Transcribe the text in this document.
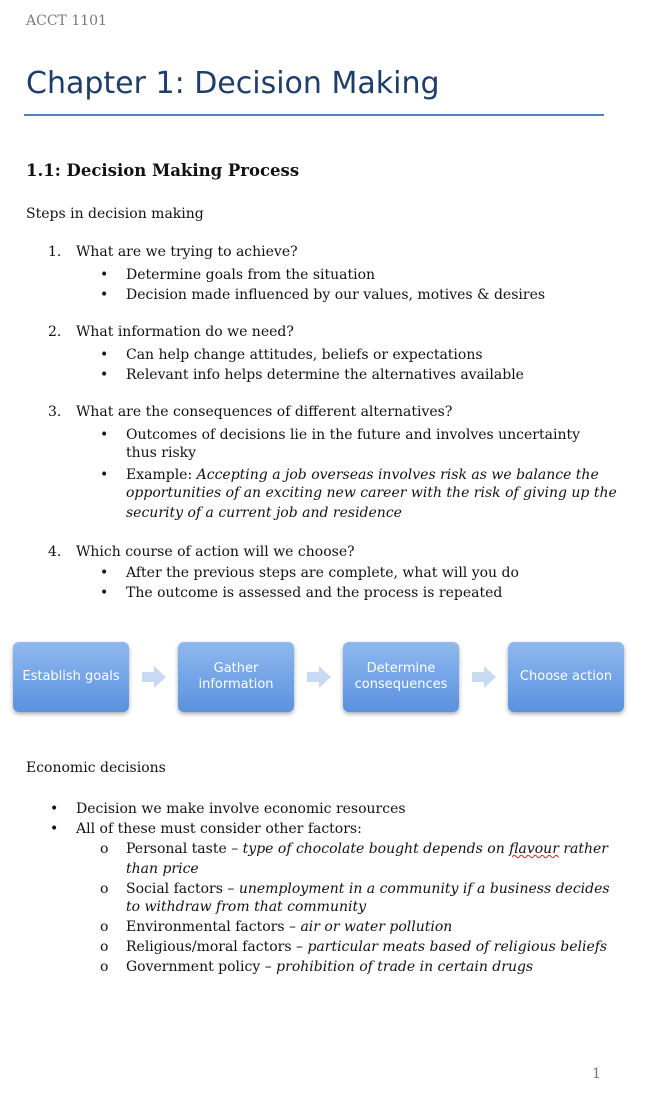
ACCT 1101
Chapter 1: Decision Making
1.1: Decision Making Process
Steps in decision making
1. What are we trying to achieve?
• Determine goals from the situation
• Decision made influenced by our values, motives & desires
2. What information do we need?
• Can help change attitudes, beliefs or expectations
• Relevant info helps determine the alternatives available
3. What are the consequences of different alternatives?
• Outcomes of decisions lie in the future and involves uncertainty
thus risky
• Example: Accepting a job overseas involves risk as we balance the
opportunities of an exciting new career with the risk of giving up the
security of a current job and residence
4. Which course of action will we choose?
• After the previous steps are complete, what will you do
• The outcome is assessed and the process is repeated
Establish goals
Gather
information
Determine
consequences
Choose action
Economic decisions
• Decision we make involve economic resources
• All of these must consider other factors:
o Personal taste – type of chocolate bought depends on flavour rather
than price
o Social factors – unemployment in a community if a business decides
to withdraw from that community
o Environmental factors – air or water pollution
o Religious/moral factors – particular meats based of religious beliefs
o Government policy – prohibition of trade in certain drugs
1
